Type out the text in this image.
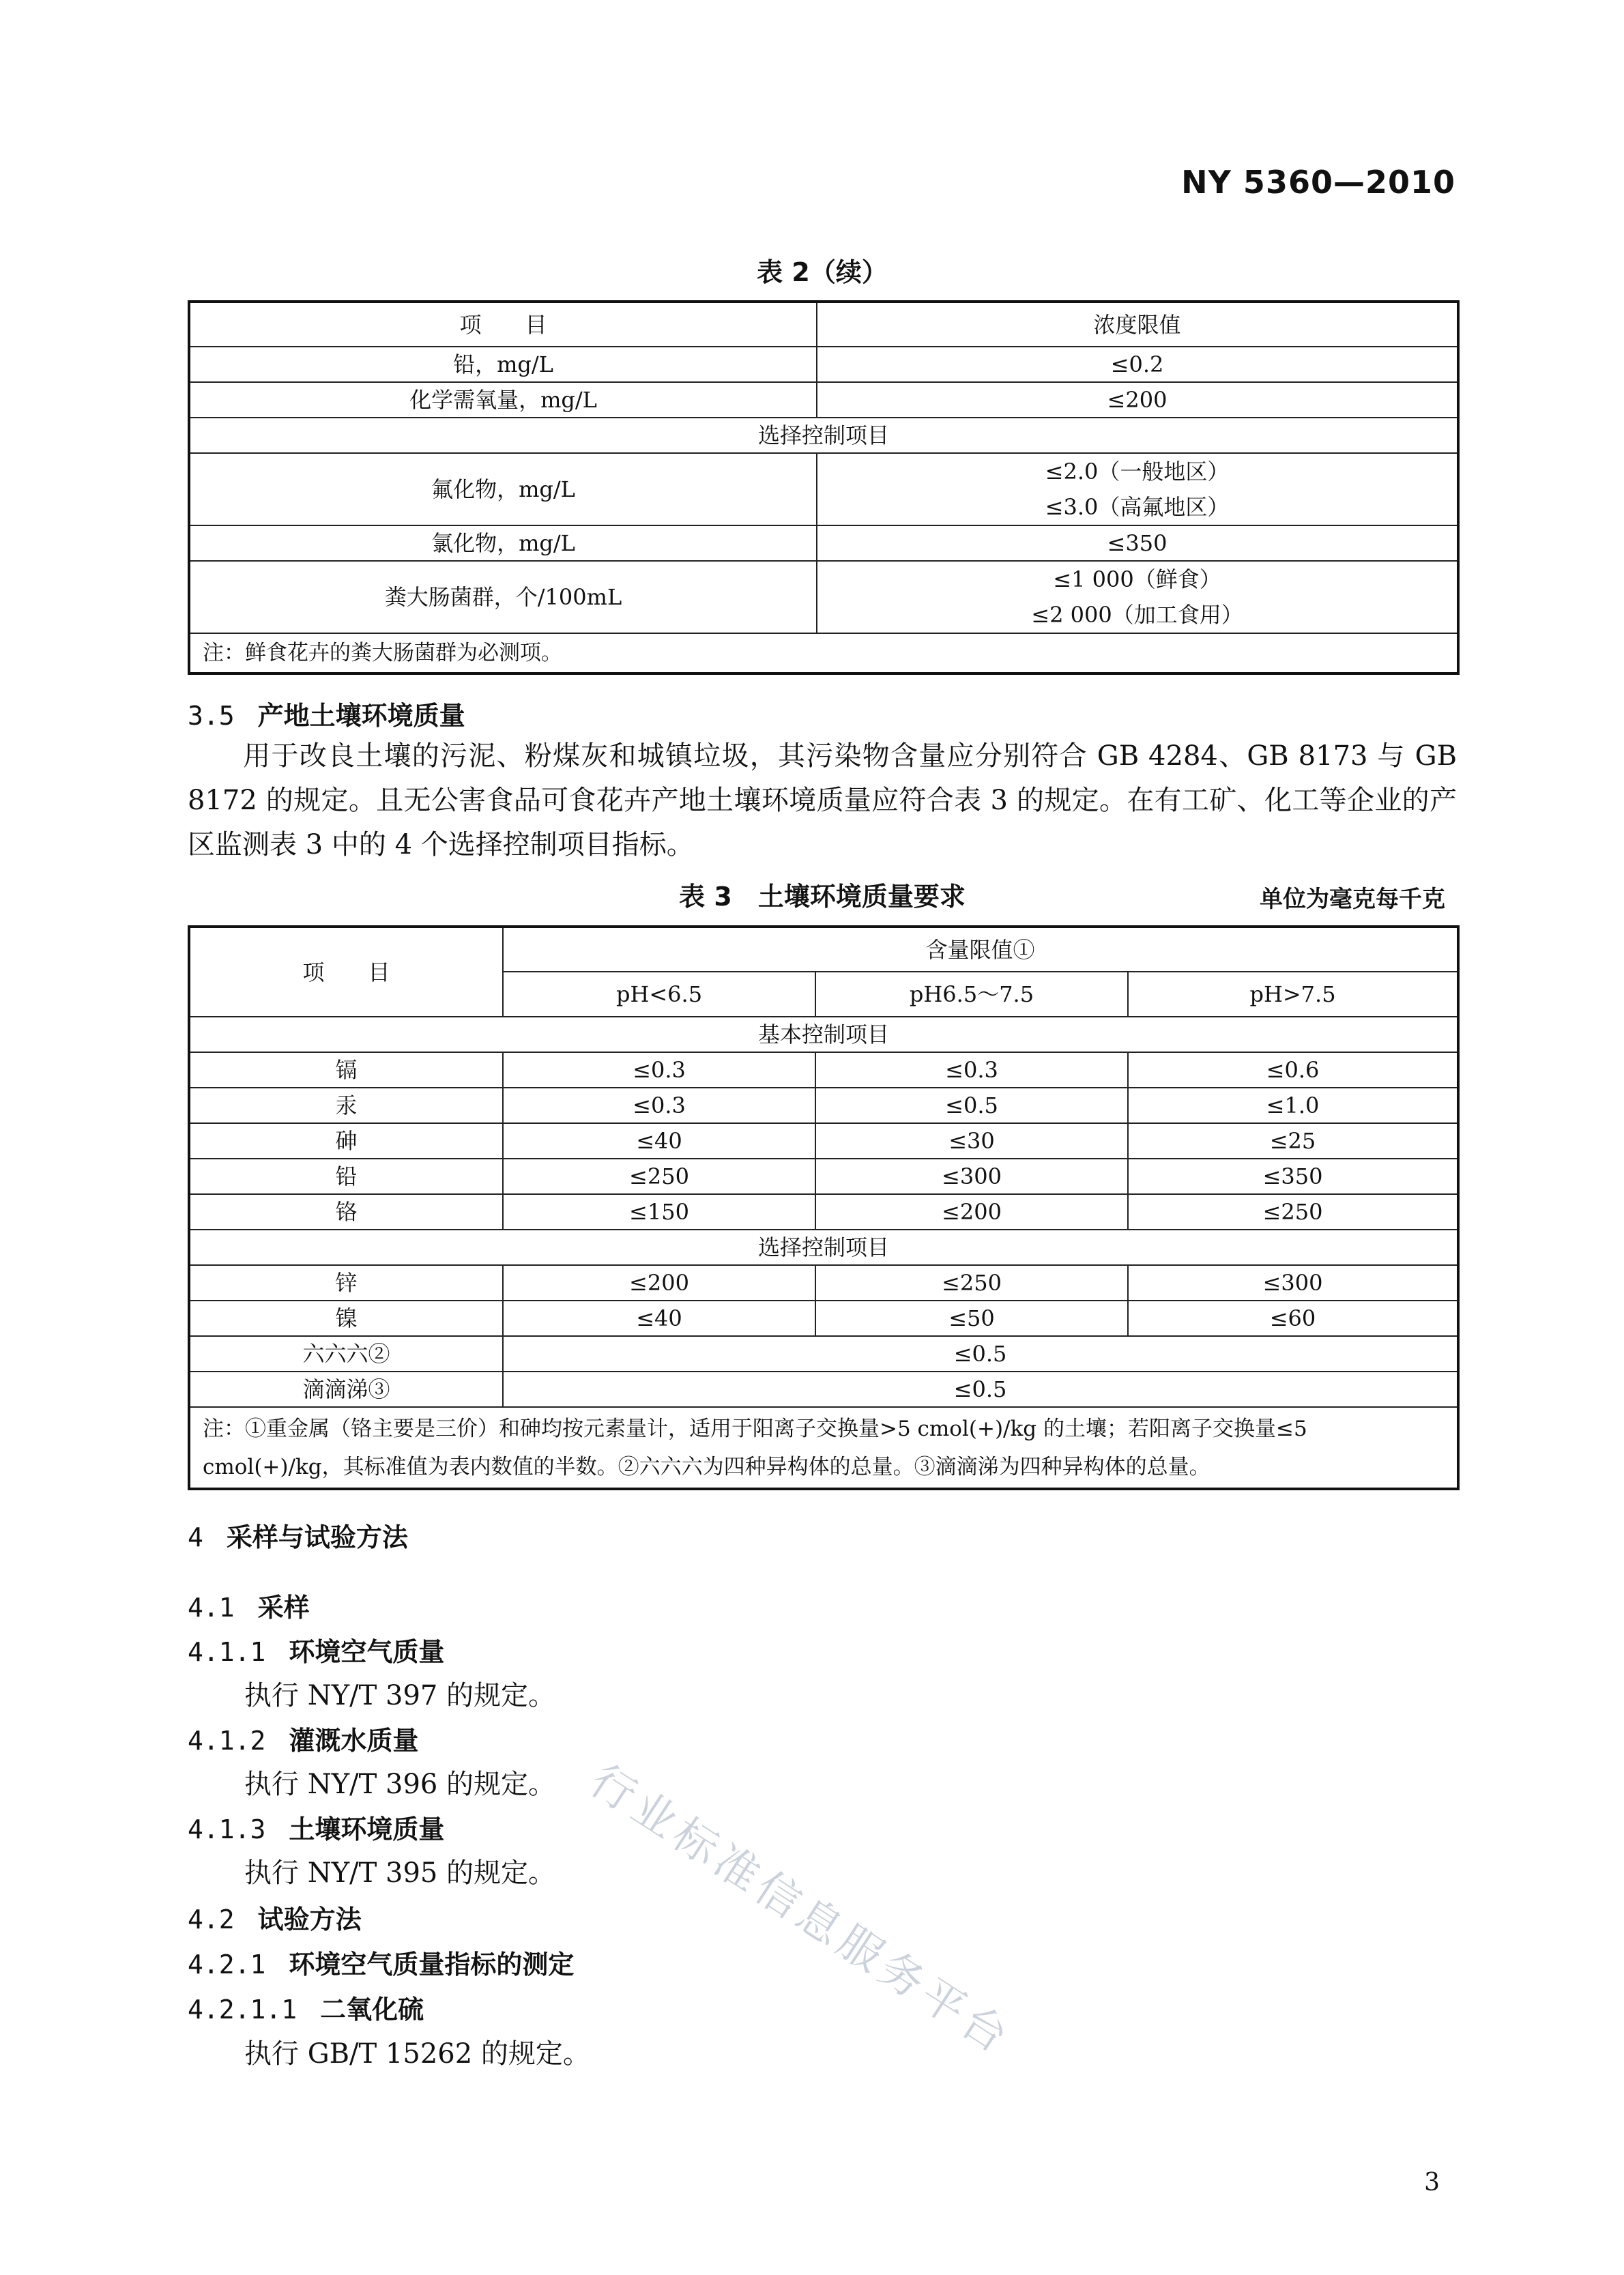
NY 5360—2010
表 2（续）
项　　目	浓度限值
铅，mg/L	≤0.2
化学需氧量，mg/L	≤200
选择控制项目	
氟化物，mg/L	≤2.0（一般地区）
≤3.0（高氟地区）

氯化物，mg/L	≤350
粪大肠菌群，个/100mL	≤1 000（鲜食）
≤2 000（加工食用）

注：鲜食花卉的粪大肠菌群为必测项。	
3.5 产地土壤环境质量
用于改良土壤的污泥、粉煤灰和城镇垃圾，其污染物含量应分别符合 GB 4284、GB 8173 与 GB 8172 的规定。且无公害食品可食花卉产地土壤环境质量应符合表 3 的规定。在有工矿、化工等企业的产区监测表 3 中的 4 个选择控制项目指标。
表 3　土壤环境质量要求	单位为毫克每千克
项　　目	含量限值①		
	pH<6.5	pH6.5～7.5	pH>7.5
基本控制项目			
镉	≤0.3	≤0.3	≤0.6
汞	≤0.3	≤0.5	≤1.0
砷	≤40	≤30	≤25
铅	≤250	≤300	≤350
铬	≤150	≤200	≤250
选择控制项目			
锌	≤200	≤250	≤300
镍	≤40	≤50	≤60
六六六②	≤0.5		
滴滴涕③	≤0.5		
注：①重金属（铬主要是三价）和砷均按元素量计，适用于阳离子交换量>5 cmol(+)/kg 的土壤；若阳离子交换量≤5 cmol(+)/kg，其标准值为表内数值的半数。②六六六为四种异构体的总量。③滴滴涕为四种异构体的总量。			
4 采样与试验方法
4.1 采样
4.1.1 环境空气质量
执行 NY/T 397 的规定。
4.1.2 灌溉水质量
执行 NY/T 396 的规定。
4.1.3 土壤环境质量
执行 NY/T 395 的规定。
4.2 试验方法
4.2.1 环境空气质量指标的测定
4.2.1.1 二氧化硫
执行 GB/T 15262 的规定。
行业标准信息服务平台
3
